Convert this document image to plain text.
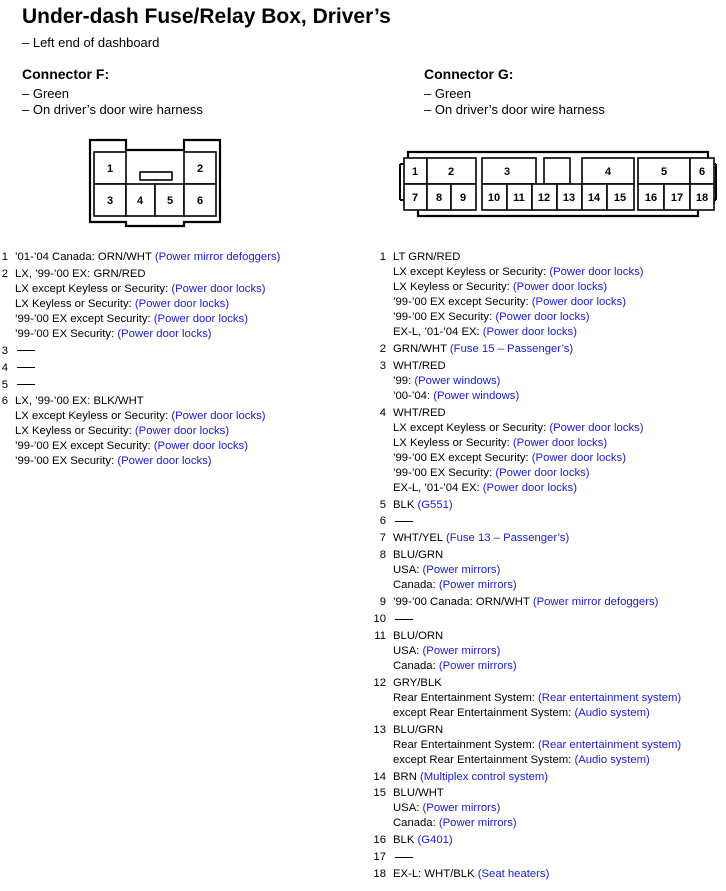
Under-dash Fuse/Relay Box, Driver’s
– Left end of dashboard
Connector F:
– Green
– On driver’s door wire harness
Connector G:
– Green
– On driver’s door wire harness
1	2
3 4 5 6
1	2	3	4	5	6
7 8 9 10 11 12 13 14 15 16 17 18
1 ’01-’04 Canada: ORN/WHT (Power mirror defoggers)
2 LX, ’99-’00 EX: GRN/RED
LX except Keyless or Security: (Power door locks)
LX Keyless or Security: (Power door locks)
’99-’00 EX except Security: (Power door locks)
’99-’00 EX Security: (Power door locks)
3
4
5
6 LX, ’99-’00 EX: BLK/WHT
LX except Keyless or Security: (Power door locks)
LX Keyless or Security: (Power door locks)
’99-’00 EX except Security: (Power door locks)
’99-’00 EX Security: (Power door locks)
1 LT GRN/RED
LX except Keyless or Security: (Power door locks)
LX Keyless or Security: (Power door locks)
’99-’00 EX except Security: (Power door locks)
’99-’00 EX Security: (Power door locks)
EX-L, ’01-’04 EX: (Power door locks)
2 GRN/WHT (Fuse 15 – Passenger’s)
3 WHT/RED
’99: (Power windows)
’00-’04: (Power windows)
4 WHT/RED
LX except Keyless or Security: (Power door locks)
LX Keyless or Security: (Power door locks)
’99-’00 EX except Security: (Power door locks)
’99-’00 EX Security: (Power door locks)
EX-L, ’01-’04 EX: (Power door locks)
5 BLK (G551)
6
7 WHT/YEL (Fuse 13 – Passenger’s)
8 BLU/GRN
USA: (Power mirrors)
Canada: (Power mirrors)
9 ’99-’00 Canada: ORN/WHT (Power mirror defoggers)
10
11 BLU/ORN
USA: (Power mirrors)
Canada: (Power mirrors)
12 GRY/BLK
Rear Entertainment System: (Rear entertainment system)
except Rear Entertainment System: (Audio system)
13 BLU/GRN
Rear Entertainment System: (Rear entertainment system)
except Rear Entertainment System: (Audio system)
14 BRN (Multiplex control system)
15 BLU/WHT
USA: (Power mirrors)
Canada: (Power mirrors)
16 BLK (G401)
17
18 EX-L: WHT/BLK (Seat heaters)
